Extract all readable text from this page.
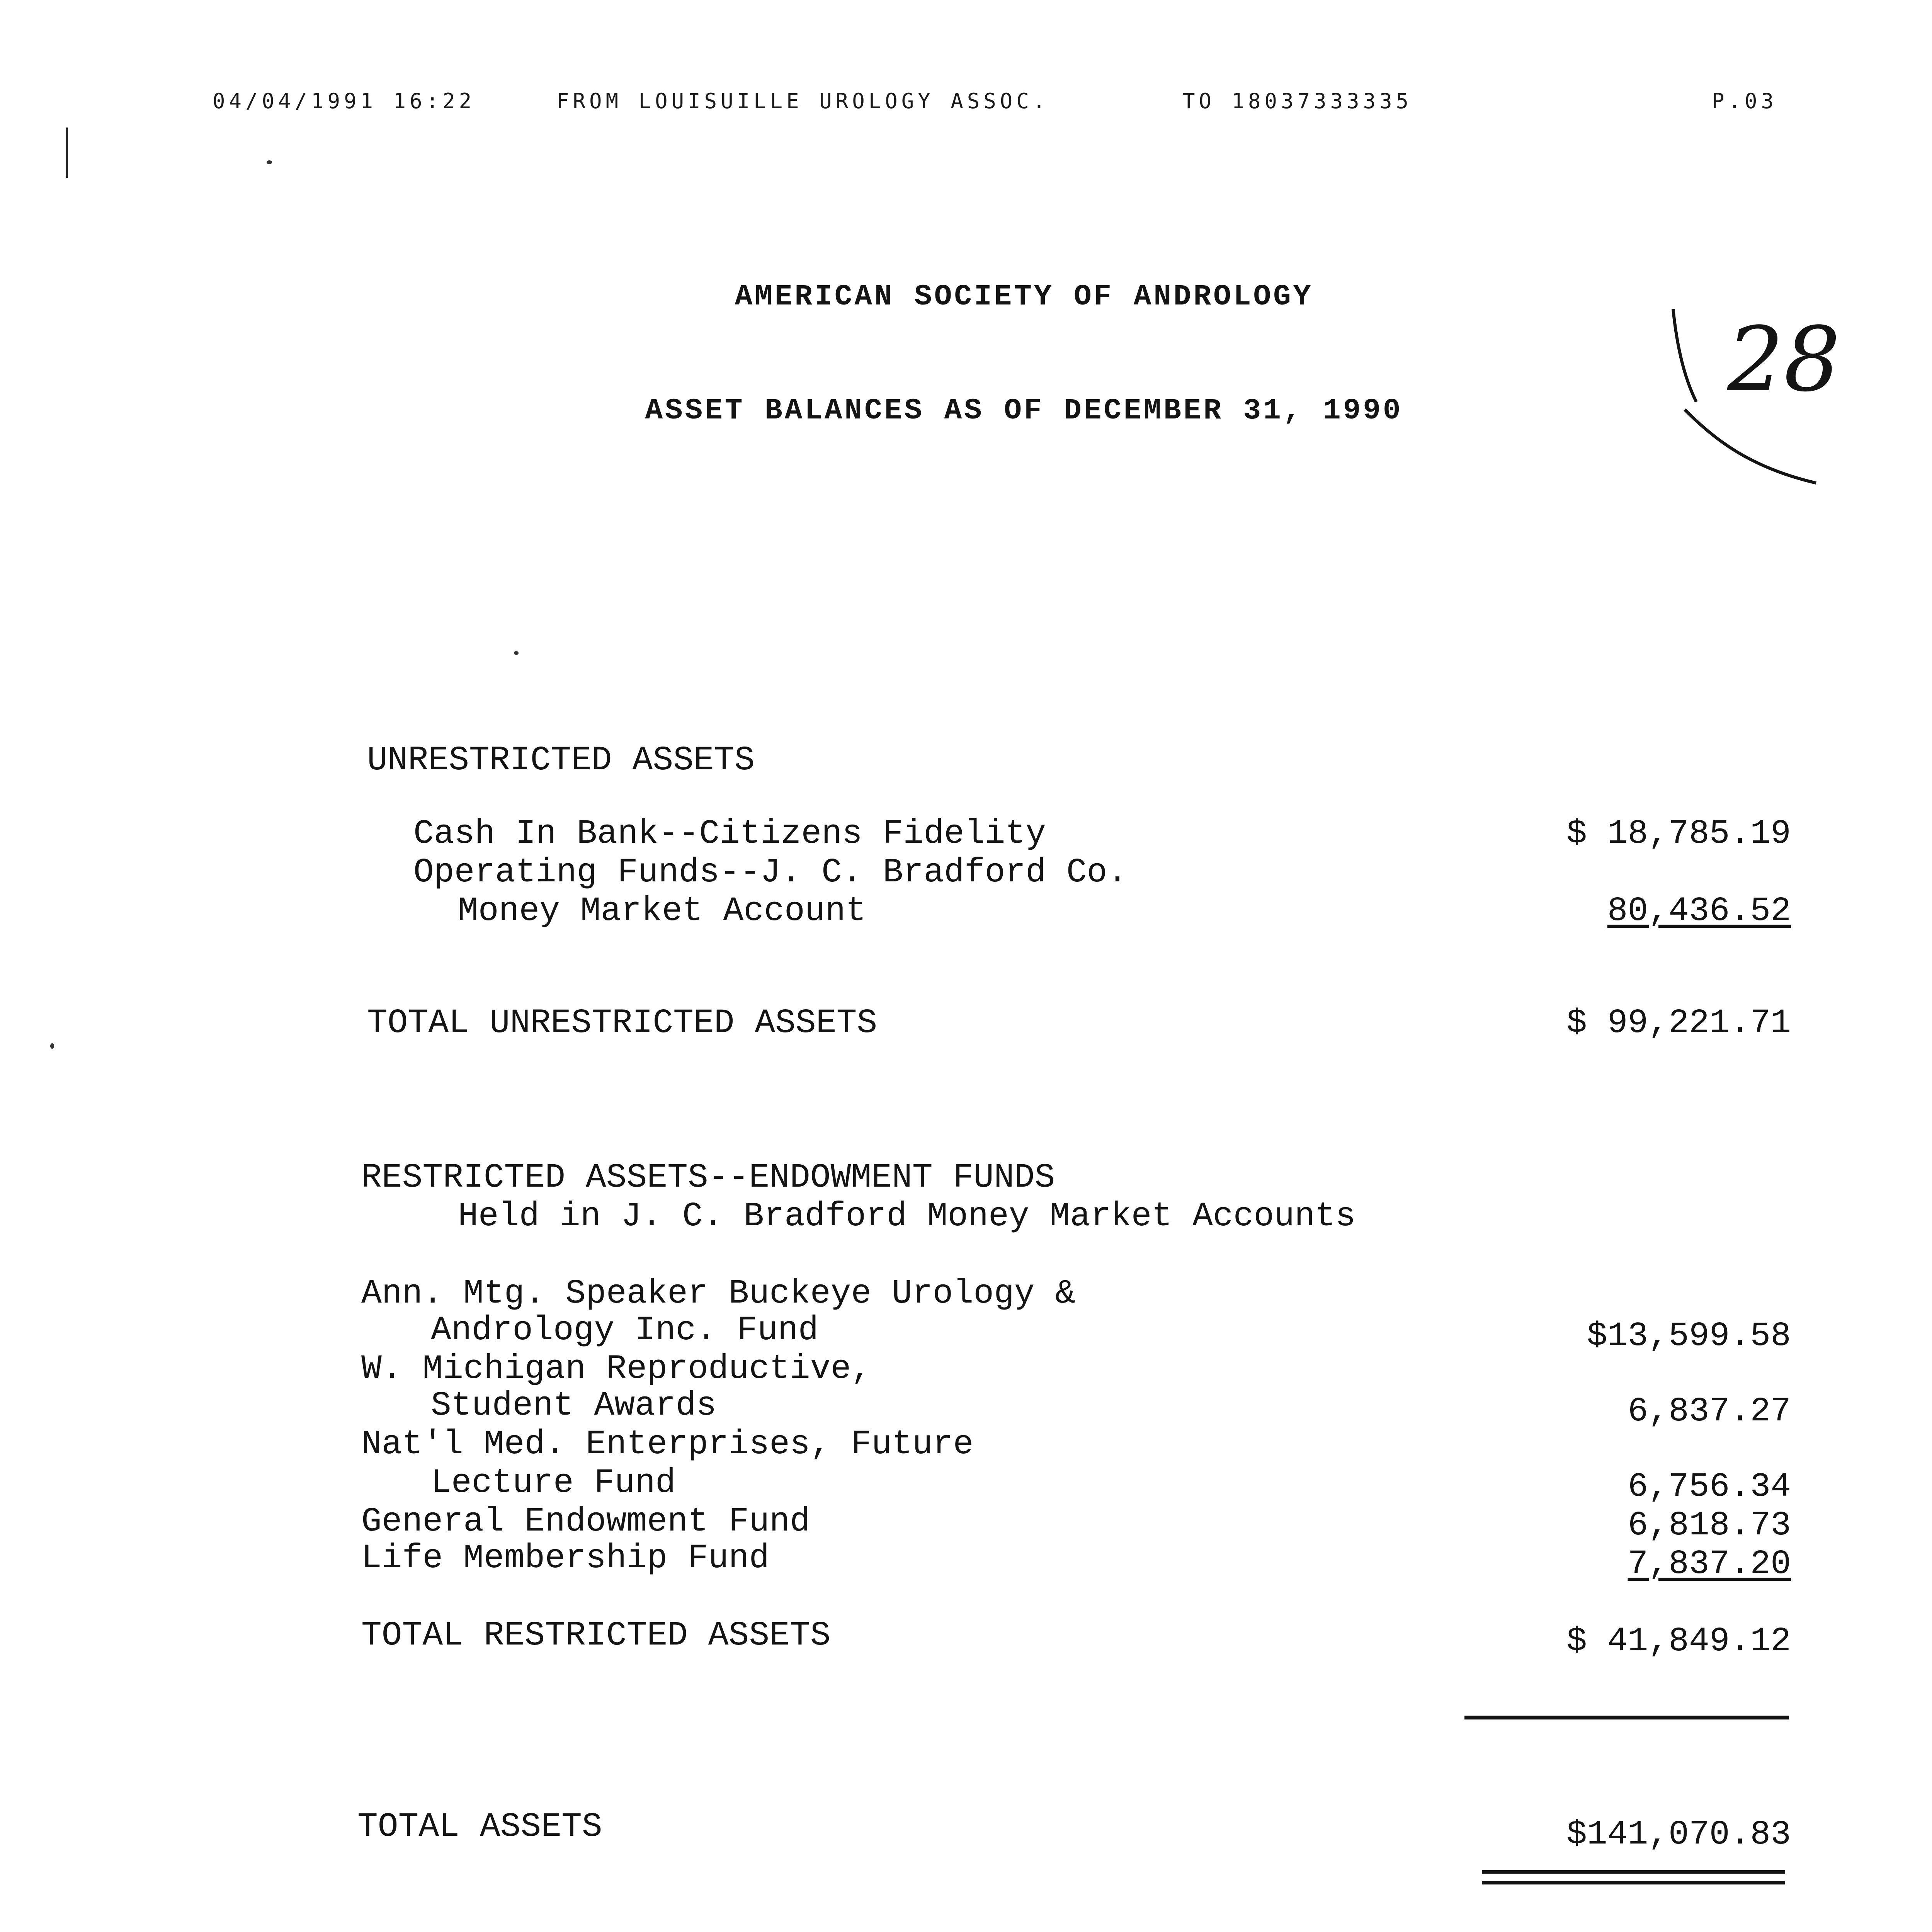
04/04/1991 16:22	FROM LOUISUILLE UROLOGY ASSOC.	TO 18037333335	P.03
AMERICAN SOCIETY OF ANDROLOGY
ASSET BALANCES AS OF DECEMBER 31, 1990	28
UNRESTRICTED ASSETS
Cash In Bank--Citizens Fidelity	$ 18,785.19
Operating Funds--J. C. Bradford Co.
Money Market Account	80,436.52
TOTAL UNRESTRICTED ASSETS	$ 99,221.71
RESTRICTED ASSETS--ENDOWMENT FUNDS
Held in J. C. Bradford Money Market Accounts
Ann. Mtg. Speaker Buckeye Urology &
Andrology Inc. Fund	$13,599.58
W. Michigan Reproductive,
Student Awards	6,837.27
Nat'l Med. Enterprises, Future
Lecture Fund	6,756.34
General Endowment Fund	6,818.73
Life Membership Fund	7,837.20
TOTAL RESTRICTED ASSETS	$ 41,849.12
TOTAL ASSETS	$141,070.83
